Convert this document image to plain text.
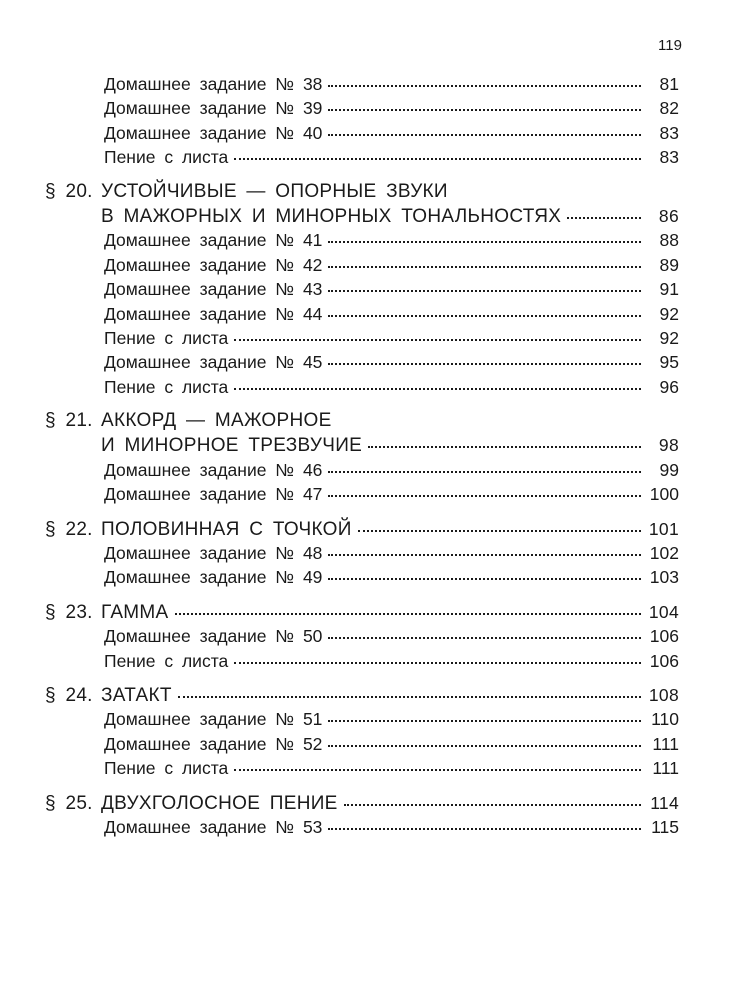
119
Домашнее задание № 38	81
Домашнее задание № 39	82
Домашнее задание № 40	83
Пение с листа	83
§ 20. УСТОЙЧИВЫЕ — ОПОРНЫЕ ЗВУКИ
В МАЖОРНЫХ И МИНОРНЫХ ТОНАЛЬНОСТЯХ	86
Домашнее задание № 41	88
Домашнее задание № 42	89
Домашнее задание № 43	91
Домашнее задание № 44	92
Пение с листа	92
Домашнее задание № 45	95
Пение с листа	96
§ 21. АККОРД — МАЖОРНОЕ
И МИНОРНОЕ ТРЕЗВУЧИЕ	98
Домашнее задание № 46	99
Домашнее задание № 47	100
§ 22. ПОЛОВИННАЯ С ТОЧКОЙ	101
Домашнее задание № 48	102
Домашнее задание № 49	103
§ 23. ГАММА	104
Домашнее задание № 50	106
Пение с листа	106
§ 24. ЗАТАКТ	108
Домашнее задание № 51	110
Домашнее задание № 52	111
Пение с листа	111
§ 25. ДВУХГОЛОСНОЕ ПЕНИЕ	114
Домашнее задание № 53	115
